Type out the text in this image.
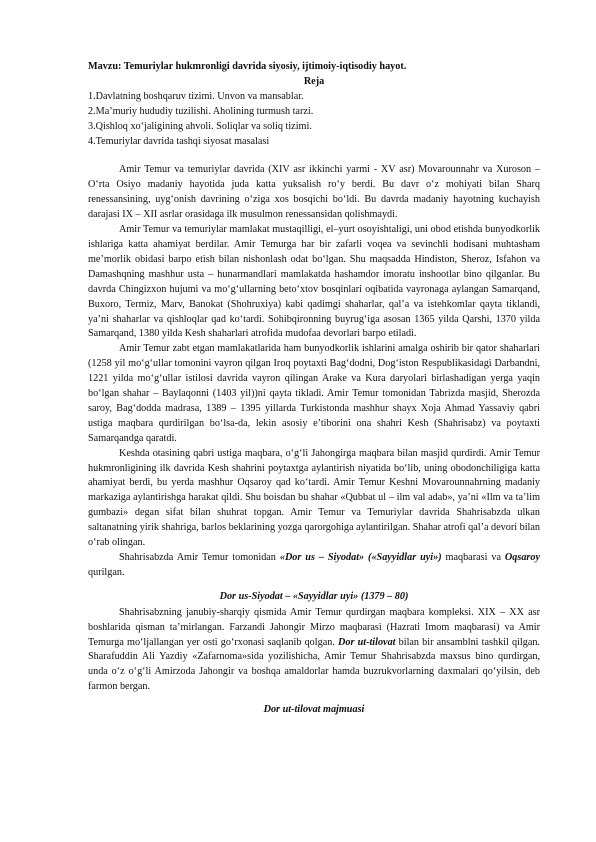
Mavzu: Temuriylar hukmronligi davrida siyosiy, ijtimoiy-iqtisodiy hayot.
Reja
1.Davlatning boshqaruv tizimi. Unvon va mansablar.
2.Ma’muriy hududiy tuzilishi. Aholining turmush tarzi.
3.Qishloq xo‘jaligining ahvoli. Soliqlar va soliq tizimi.
4.Temuriylar davrida tashqi siyosat masalasi

Amir Temur va temuriylar davrida (XIV asr ikkinchi yarmi - XV asr) Movarounnahr va Xuroson – O‘rta Osiyo madaniy hayotida juda katta yuksalish ro‘y berdi. Bu davr o‘z mohiyati bilan Sharq renessansining, uyg‘onish davrining o‘ziga xos bosqichi bo‘ldi. Bu davrda madaniy hayotning kuchayish darajasi IX – XII asrlar orasidaga ilk musulmon renessansidan qolishmaydi.

Amir Temur va temuriylar mamlakat mustaqilligi, el–yurt osoyishtaligi, uni obod etishda bunyodkorlik ishlariga katta ahamiyat berdilar. Amir Temurga har bir zafarli voqea va sevinchli hodisani muhtasham me’morlik obidasi barpo etish bilan nishonlash odat bo‘lgan. Shu maqsadda Hindiston, Sheroz, Isfahon va Damashqning mashhur usta – hunarmandlari mamlakatda hashamdor imoratu inshootlar bino qilganlar. Bu davrda Chingizxon hujumi va mo‘g‘ullarning beto‘xtov bosqinlari oqibatida vayronaga aylangan Samarqand, Buxoro, Termiz, Marv, Banokat (Shohruxiya) kabi qadimgi shaharlar, qal’a va istehkomlar qayta tiklandi, ya’ni shaharlar va qishloqlar qad ko‘tardi. Sohibqironning buyrug‘iga asosan 1365 yilda Qarshi, 1370 yilda Samarqand, 1380 yilda Kesh shaharlari atrofida mudofaa devorlari barpo etiladi.

Amir Temur zabt etgan mamlakatlarida ham bunyodkorlik ishlarini amalga oshirib bir qator shaharlari (1258 yil mo‘g‘ullar tomonini vayron qilgan Iroq poytaxti Bag‘dodni, Dog‘iston Respublikasidagi Darbandni, 1221 yilda mo‘g‘ullar istilosi davrida vayron qilingan Arake va Kura daryolari birlashadigan yerga yaqin bo‘lgan shahar – Baylaqonni (1403 yil))ni qayta tikladi. Amir Temur tomonidan Tabrizda masjid, Sherozda saroy, Bag‘dodda madrasa, 1389 – 1395 yillarda Turkistonda mashhur shayx Xoja Ahmad Yassaviy qabri ustiga maqbara qurdirilgan bo‘lsa-da, lekin asosiy e’tiborini ona shahri Kesh (Shahrisabz) va poytaxti Samarqandga qaratdi.

Keshda otasining qabri ustiga maqbara, o‘g‘li Jahongirga maqbara bilan masjid qurdirdi. Amir Temur hukmronligining ilk davrida Kesh shahrini poytaxtga aylantirish niyatida bo‘lib, uning obodonchiligiga katta ahamiyat berdi, bu yerda mashhur Oqsaroy qad ko‘tardi. Amir Temur Keshni Movarounnahrning madaniy markaziga aylantirishga harakat qildi. Shu boisdan bu shahar «Qubbat ul – ilm val adab», ya’ni «Ilm va ta’lim gumbazi» degan sifat bilan shuhrat topgan. Amir Temur va Temuriylar davrida Shahrisabzda ulkan saltanatning yirik shahriga, barlos beklarining yozga qarorgohiga aylantirilgan. Shahar atrofi qal’a devori bilan o‘rab olingan.

Shahrisabzda Amir Temur tomonidan «Dor us – Siyodat» («Sayyidlar uyi») maqbarasi va Oqsaroy qurilgan.

Dor us-Siyodat – «Sayyidlar uyi» (1379 – 80)

Shahrisabzning janubiy-sharqiy qismida Amir Temur qurdirgan maqbara kompleksi. XIX – XX asr boshlarida qisman ta’mirlangan. Farzandi Jahongir Mirzo maqbarasi (Hazrati Imom maqbarasi) va Amir Temurga mo‘ljallangan yer osti go‘rxonasi saqlanib qolgan. Dor ut-tilovat bilan bir ansamblni tashkil qilgan. Sharafuddin Ali Yazdiy «Zafarnoma»sida yozilishicha, Amir Temur Shahrisabzda maxsus bino qurdirgan, unda o‘z o‘g‘li Amirzoda Jahongir va boshqa amaldorlar hamda buzrukvorlarning daxmalari qo‘yilsin, deb farmon bergan.

Dor ut-tilovat majmuasi
